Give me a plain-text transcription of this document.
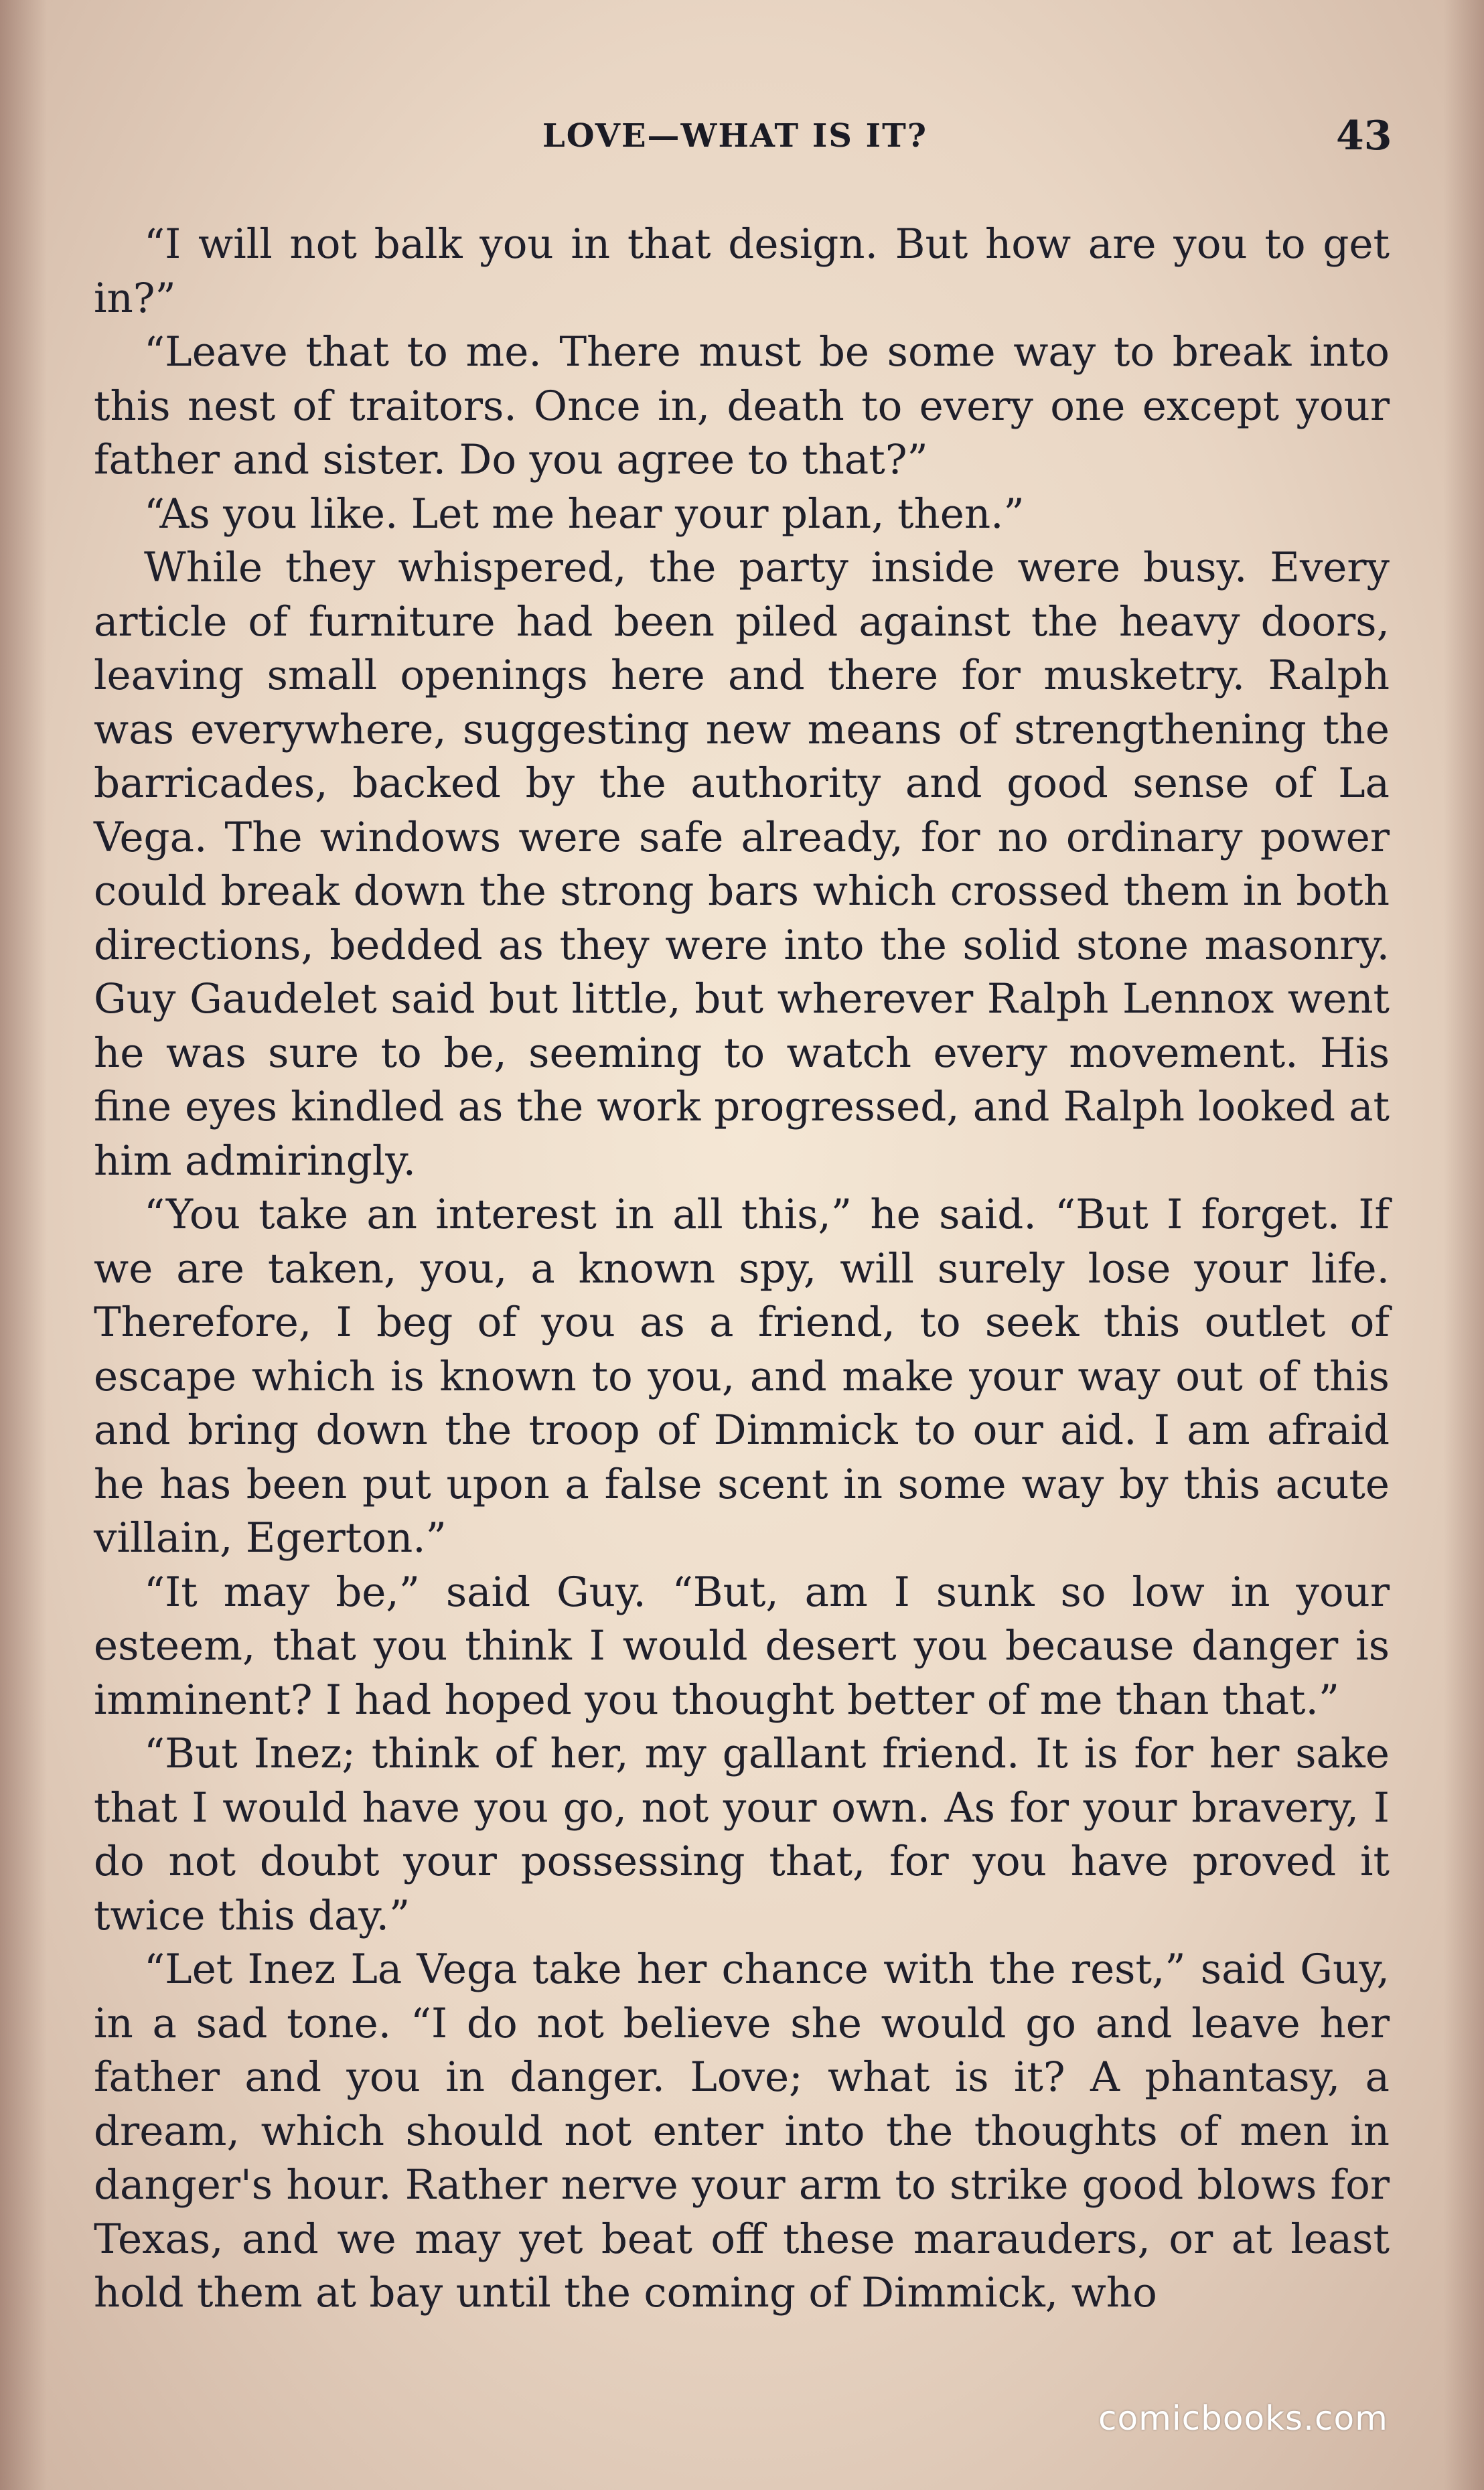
LOVE—WHAT IS IT?	43

“I will not balk you in that design. But how are you to get in?”

“Leave that to me. There must be some way to break into this nest of traitors. Once in, death to every one except your father and sister. Do you agree to that?”

“As you like. Let me hear your plan, then.”

While they whispered, the party inside were busy. Every article of furniture had been piled against the heavy doors, leaving small openings here and there for musketry. Ralph was everywhere, suggesting new means of strengthening the barricades, backed by the authority and good sense of La Vega. The windows were safe already, for no ordinary power could break down the strong bars which crossed them in both directions, bedded as they were into the solid stone masonry. Guy Gaudelet said but little, but wherever Ralph Lennox went he was sure to be, seeming to watch every movement. His fine eyes kindled as the work progressed, and Ralph looked at him admiringly.

“You take an interest in all this,” he said. “But I forget. If we are taken, you, a known spy, will surely lose your life. Therefore, I beg of you as a friend, to seek this outlet of escape which is known to you, and make your way out of this and bring down the troop of Dimmick to our aid. I am afraid he has been put upon a false scent in some way by this acute villain, Egerton.”

“It may be,” said Guy. “But, am I sunk so low in your esteem, that you think I would desert you because danger is imminent? I had hoped you thought better of me than that.”

“But Inez; think of her, my gallant friend. It is for her sake that I would have you go, not your own. As for your bravery, I do not doubt your possessing that, for you have proved it twice this day.”

“Let Inez La Vega take her chance with the rest,” said Guy, in a sad tone. “I do not believe she would go and leave her father and you in danger. Love; what is it? A phantasy, a dream, which should not enter into the thoughts of men in danger's hour. Rather nerve your arm to strike good blows for Texas, and we may yet beat off these marauders, or at least hold them at bay until the coming of Dimmick, who

comicbooks.com
